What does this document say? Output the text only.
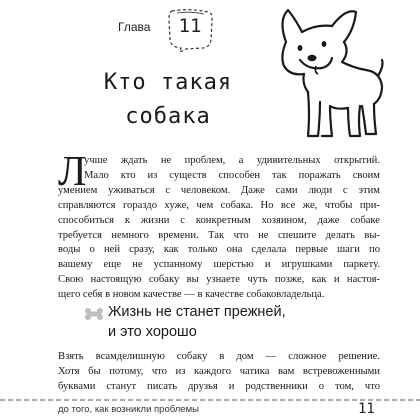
Глава	11
Кто такая
собака
Л
учше ждать не проблем, а удивительных открытий.
Мало кто из существ способен так поражать своим
умением уживаться с человеком. Даже сами люди с этим
справляются гораздо хуже, чем собака. Но все же, чтобы при-
способиться к жизни с конкретным хозяином, даже собаке
требуется немного времени. Так что не спешите делать вы-
воды о ней сразу, как только она сделала первые шаги по
вашему еще не успанному шерстью и игрушками паркету.
Свою настоящую собаку вы узнаете чуть позже, как и настоя-
щего себя в новом качестве — в качестве собаковладельца.
Жизнь не станет прежней,
и это хорошо
Взять всамделишную собаку в дом — сложное решение.
Хотя бы потому, что из каждого чатика вам встревоженными
буквами станут писать друзья и родственники о том, что
до того, как возникли проблемы	11
